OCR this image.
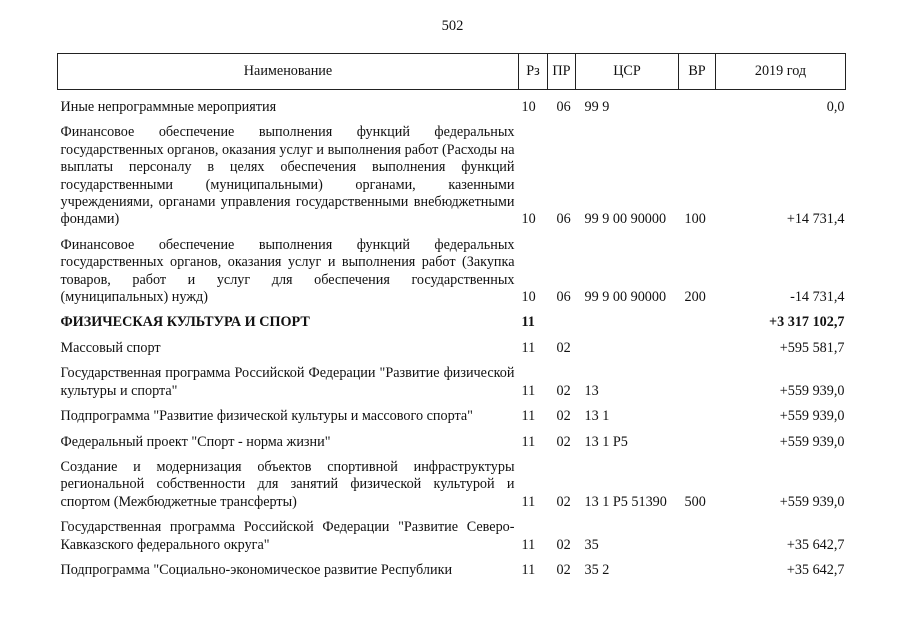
502
Наименование	Рз	ПР	ЦСР	ВР	2019 год
Иные непрограммные мероприятия	10	06	99 9		0,0
Финансовое обеспечение выполнения функций федеральных государственных органов, оказания услуг и выполнения работ (Расходы на выплаты персоналу в целях обеспечения выполнения функций государственными (муниципальными) органами, казенными учреждениями, органами управления государственными внебюджетными фондами)	10	06	99 9 00 90000	100	+14 731,4
Финансовое обеспечение выполнения функций федеральных государственных органов, оказания услуг и выполнения работ (Закупка товаров, работ и услуг для обеспечения государственных (муниципальных) нужд)	10	06	99 9 00 90000	200	-14 731,4
ФИЗИЧЕСКАЯ КУЛЬТУРА И СПОРТ	11				+3 317 102,7
Массовый спорт	11	02			+595 581,7
Государственная программа Российской Федерации "Развитие физической культуры и спорта"	11	02	13		+559 939,0
Подпрограмма "Развитие физической культуры и массового спорта"	11	02	13 1		+559 939,0
Федеральный проект "Спорт - норма жизни"	11	02	13 1 P5		+559 939,0
Создание и модернизация объектов спортивной инфраструктуры региональной собственности для занятий физической культурой и спортом (Межбюджетные трансферты)	11	02	13 1 P5 51390	500	+559 939,0
Государственная программа Российской Федерации "Развитие Северо-Кавказского федерального округа"	11	02	35		+35 642,7
Подпрограмма "Социально-экономическое развитие Республики	11	02	35 2		+35 642,7
